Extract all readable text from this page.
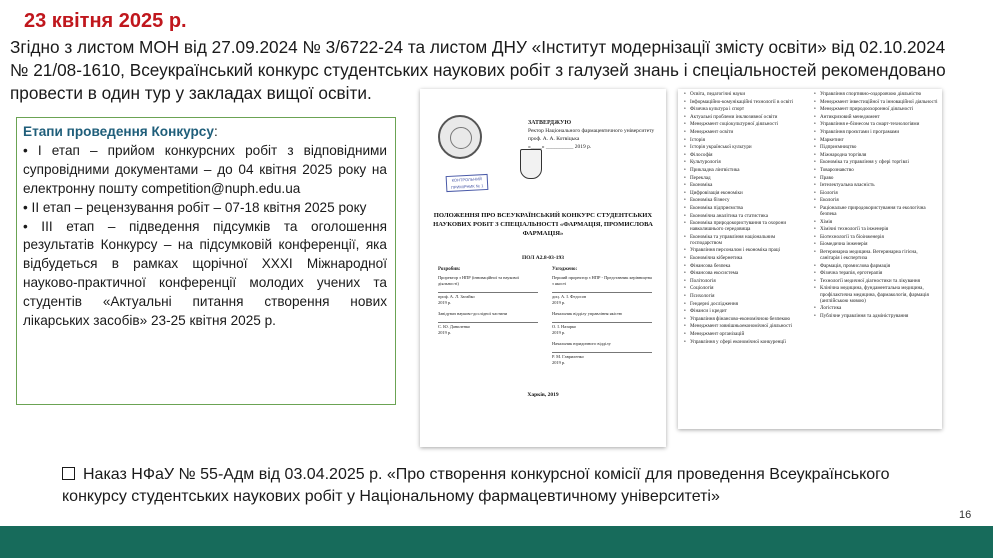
23 квітня 2025 р.
Згідно з листом МОН від 27.09.2024 № 3/6722-24 та листом ДНУ «Інститут модернізації змісту освіти» від 02.10.2024 № 21/08-1610, Всеукраїнський конкурс студентських наукових робіт з галузей знань і спеціальностей рекомендовано провести в один тур у закладах вищої освіти.
Етапи проведення Конкурсу:
• І етап – прийом конкурсних робіт з відповідними супровідними документами – до 04 квітня 2025 року на електронну пошту competition@nuph.edu.ua
• ІІ етап – рецензування робіт – 07-18 квітня 2025 року
• ІІІ етап – підведення підсумків та оголошення результатів Конкурсу – на підсумковій конференції, яка відбудеться в рамках щорічної ХХХІ Міжнародної науково-практичної конференції молодих учених та студентів «Актуальні питання створення нових лікарських засобів» 23-25 квітня 2025 р.
КОНТРОЛЬНИЙ ПРИМІРНИК № 1
ЗАТВЕРДЖУЮ
Ректор Національного фармацевтичного університету
проф. А. А. Котвіцька
«____» __________ 2019 р.
ПОЛОЖЕННЯ ПРО ВСЕУКРАЇНСЬКИЙ КОНКУРС СТУДЕНТСЬКИХ НАУКОВИХ РОБІТ З СПЕЦІАЛЬНОСТІ «ФАРМАЦІЯ, ПРОМИСЛОВА ФАРМАЦІЯ»
ПОЛ А2.8-03-193
Розробив:
Проректор з НПР (інноваційної та наукової діяльності)
проф. А. Л. Загайко
2019 р.
Завідувач науково-дослідної частини
С. Ю. Даниленко
2019 р.
Узгоджено:
Перший проректор з НПР - Представник керівництва з якості
доц. А. І. Федосов
2019 р.
Начальник відділу управління якістю
О. І. Назарко
2019 р.
Начальник юридичного відділу
Р. М. Гавриленко
2019 р.
Харків, 2019
• Освіта, педагогічні науки
• Інформаційно-комунікаційні технології в освіті
• Фізична культура і спорт
• Актуальні проблеми інклюзивної освіти
• Менеджмент соціокультурної діяльності
• Менеджмент освіти
• Історія
• Історія української культури
• Філософія
• Культурологія
• Прикладна лінгвістика
• Переклад
• Економіка
• Цифровізація економіки
• Економіка бізнесу
• Економіка підприємства
• Економічна аналітика та статистика
• Економіка природокористування та охорони навколишнього середовища
• Економіка та управління національним господарством
• Управління персоналом і економіка праці
• Економічна кібернетика
• Фінансова безпека
• Фінансова екосистема
• Політологія
• Соціологія
• Психологія
• Гендерні дослідження
• Фінанси і кредит
• Управління фінансово-економічною безпекою
• Менеджмент зовнішньоекономічної діяльності
• Менеджмент організацій
• Управління у сфері економічної конкуренції
• Управління спортивно-оздоровчою діяльністю
• Менеджмент інвестиційної та інноваційної діяльності
• Менеджмент природоохоронної діяльності
• Антикризовий менеджмент
• Управління е-бізнесом та смарт-технологіями
• Управління проєктами і програмами
• Маркетинг
• Підприємництво
• Міжнародна торгівля
• Економіка та управління у сфері торгівлі
• Товарознавство
• Право
• Інтелектуальна власність
• Біологія
• Екологія
• Раціональне природокористування та екологічна безпека
• Хімія
• Хімічні технології та інженерія
• Біотехнології та біоінженерія
• Біомедична інженерія
• Ветеринарна медицина. Ветеринарна гігієна, санітарія і експертиза
• Фармація, промислова фармація
• Фізична терапія, ерготерапія
• Технології медичної діагностики та лікування
• Клінічна медицина, фундаментальна медицина, профілактична медицина, фармакологія, фармація (англійською мовою)
• Логістика
• Публічне управління та адміністрування
Наказ НФаУ № 55-Адм від 03.04.2025 р. «Про створення конкурсної комісії для проведення Всеукраїнського конкурсу студентських наукових робіт у Національному фармацевтичному університеті»
16
